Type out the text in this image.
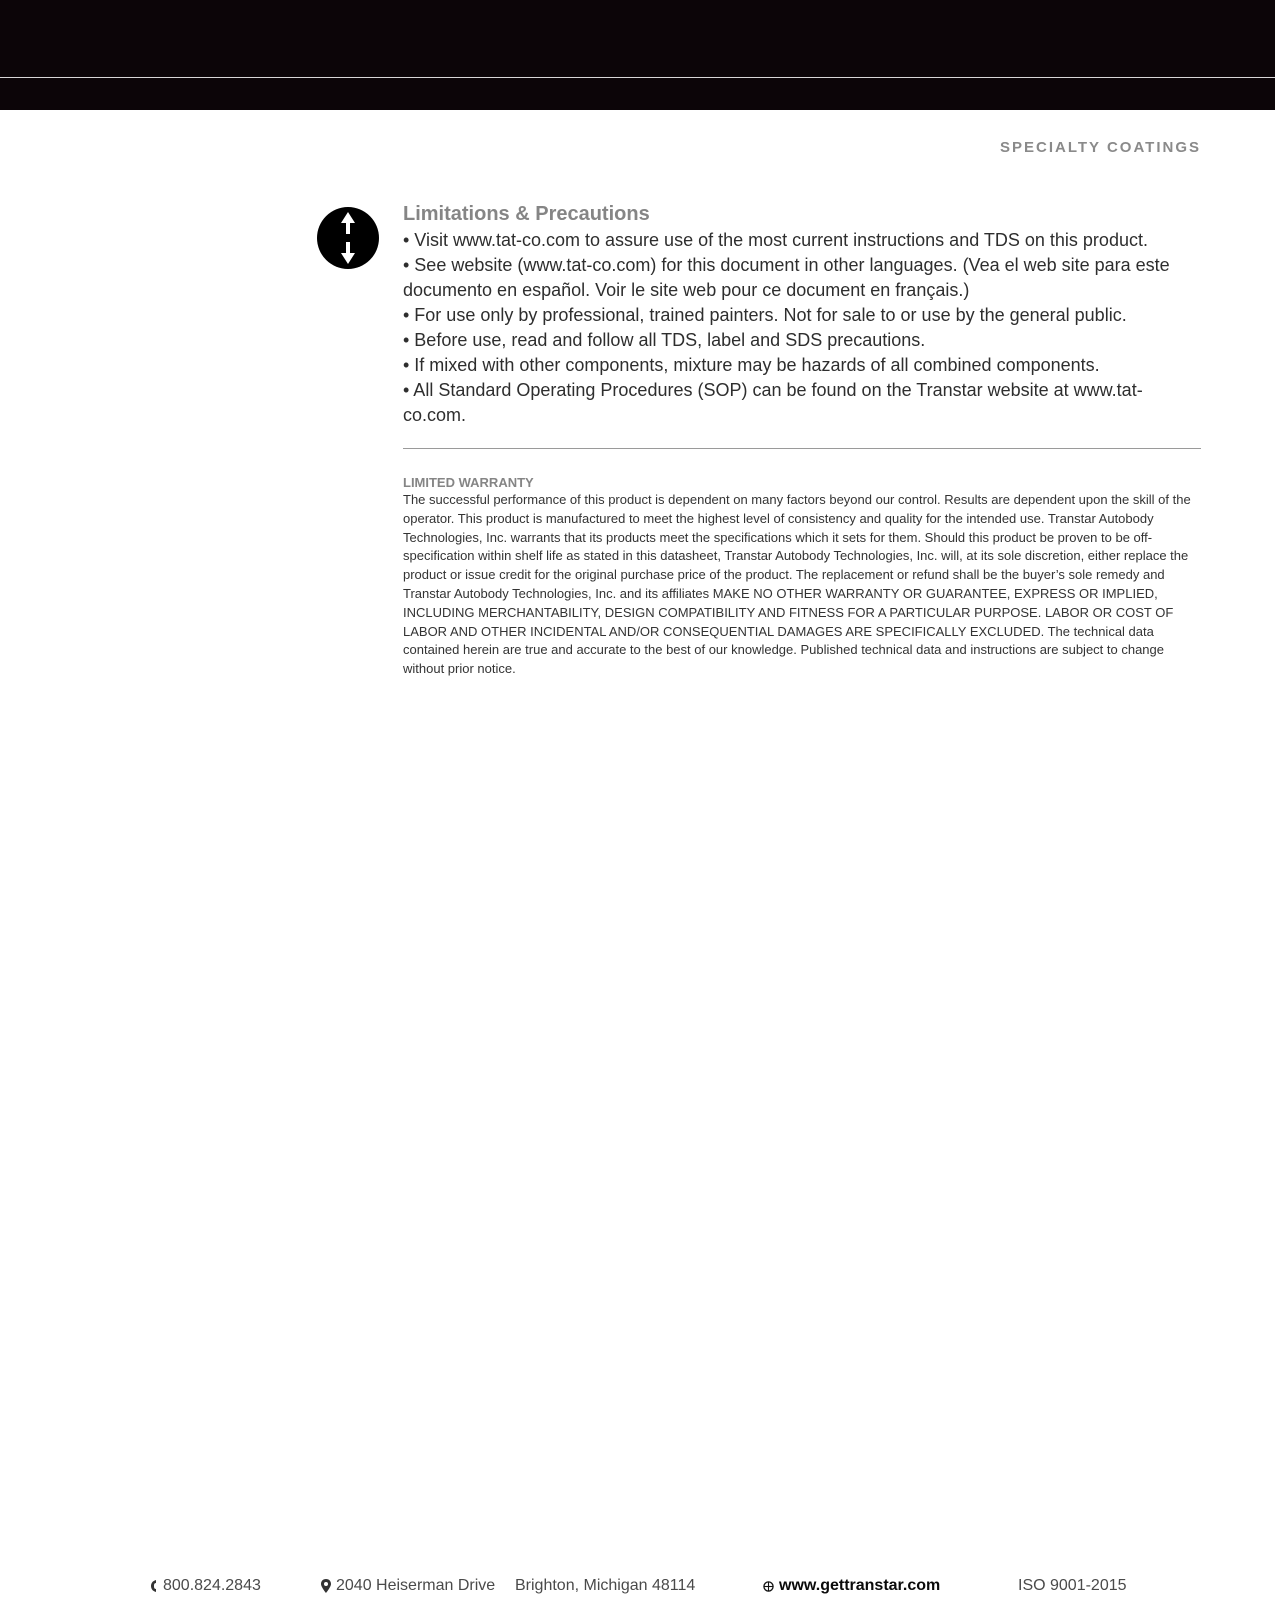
SPECIALTY COATINGS
Limitations & Precautions
• Visit www.tat-co.com to assure use of the most current instructions and TDS on this product.
• See website (www.tat-co.com) for this document in other languages. (Vea el web site para este documento en español. Voir le site web pour ce document en français.)
• For use only by professional, trained painters. Not for sale to or use by the general public.
• Before use, read and follow all TDS, label and SDS precautions.
• If mixed with other components, mixture may be hazards of all combined components.
• All Standard Operating Procedures (SOP) can be found on the Transtar website at www.tat-co.com.
LIMITED WARRANTY

The successful performance of this product is dependent on many factors beyond our control. Results are dependent upon the skill of the operator. This product is manufactured to meet the highest level of consistency and quality for the intended use. Transtar Autobody Technologies, Inc. warrants that its products meet the specifications which it sets for them. Should this product be proven to be off-specification within shelf life as stated in this datasheet, Transtar Autobody Technologies, Inc. will, at its sole discretion, either replace the product or issue credit for the original purchase price of the product. The replacement or refund shall be the buyer’s sole remedy and Transtar Autobody Technologies, Inc. and its affiliates MAKE NO OTHER WARRANTY OR GUARANTEE, EXPRESS OR IMPLIED, INCLUDING MERCHANTABILITY, DESIGN COMPATIBILITY AND FITNESS FOR A PARTICULAR PURPOSE. LABOR OR COST OF LABOR AND OTHER INCIDENTAL AND/OR CONSEQUENTIAL DAMAGES ARE SPECIFICALLY EXCLUDED. The technical data contained herein are true and accurate to the best of our knowledge. Published technical data and instructions are subject to change without prior notice.

800.824.2843	2040 Heiserman Drive Brighton, Michigan 48114	www.gettranstar.com	ISO 9001-2015
